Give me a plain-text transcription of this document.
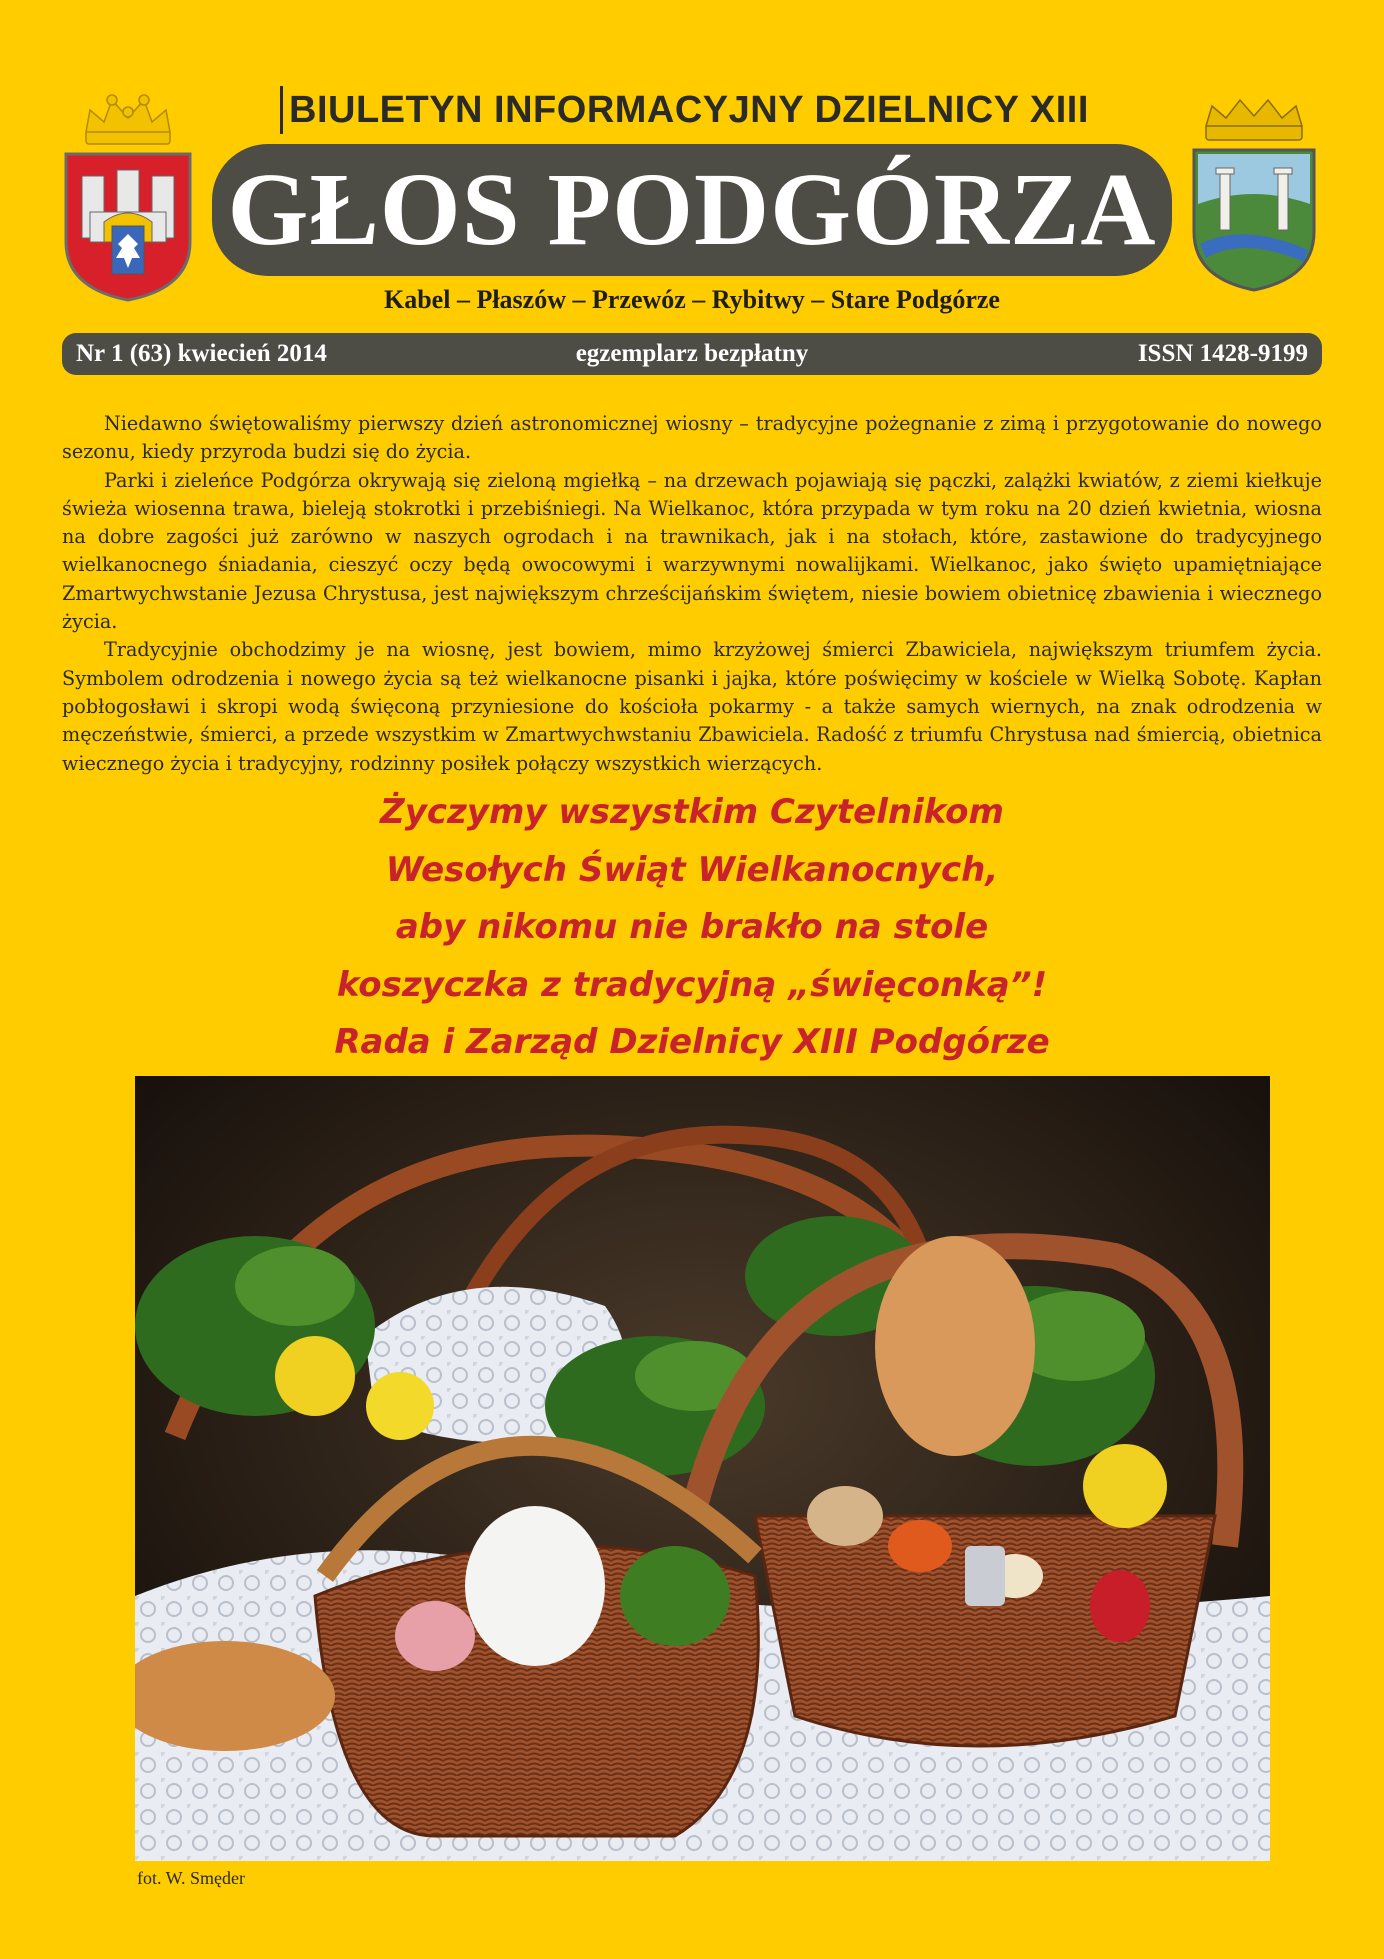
BIULETYN INFORMACYJNY DZIELNICY XIII
GŁOS PODGÓRZA
Kabel – Płaszów – Przewóz – Rybitwy – Stare Podgórze
egzemplarz bezpłatny
Nr 1 (63) kwiecień 2014	ISSN 1428-9199

Niedawno świętowaliśmy pierwszy dzień astronomicznej wiosny – tradycyjne pożegnanie z zimą i przygotowanie do nowego sezonu, kiedy przyroda budzi się do życia.

Parki i zieleńce Podgórza okrywają się zieloną mgiełką – na drzewach pojawiają się pączki, zalążki kwiatów, z ziemi kiełkuje świeża wiosenna trawa, bieleją stokrotki i przebiśniegi. Na Wielkanoc, która przypada w tym roku na 20 dzień kwietnia, wiosna na dobre zagości już zarówno w naszych ogrodach i na trawnikach, jak i na stołach, które, zastawione do tradycyjnego wielkanocnego śniadania, cieszyć oczy będą owocowymi i warzywnymi nowalijkami. Wielkanoc, jako święto upamiętniające Zmartwychwstanie Jezusa Chrystusa, jest największym chrześcijańskim świętem, niesie bowiem obietnicę zbawienia i wiecznego życia.

Tradycyjnie obchodzimy je na wiosnę, jest bowiem, mimo krzyżowej śmierci Zbawiciela, największym triumfem życia. Symbolem odrodzenia i nowego życia są też wielkanocne pisanki i jajka, które poświęcimy w kościele w Wielką Sobotę. Kapłan pobłogosławi i skropi wodą święconą przyniesione do kościoła pokarmy - a także samych wiernych, na znak odrodzenia w męczeństwie, śmierci, a przede wszystkim w Zmartwychwstaniu Zbawiciela. Radość z triumfu Chrystusa nad śmiercią, obietnica wiecznego życia i tradycyjny, rodzinny posiłek połączy wszystkich wierzących.

Życzymy wszystkim Czytelnikom
Wesołych Świąt Wielkanocnych,
aby nikomu nie brakło na stole
koszyczka z tradycyjną „święconką”!
Rada i Zarząd Dzielnicy XIII Podgórze
fot. W. Smęder
